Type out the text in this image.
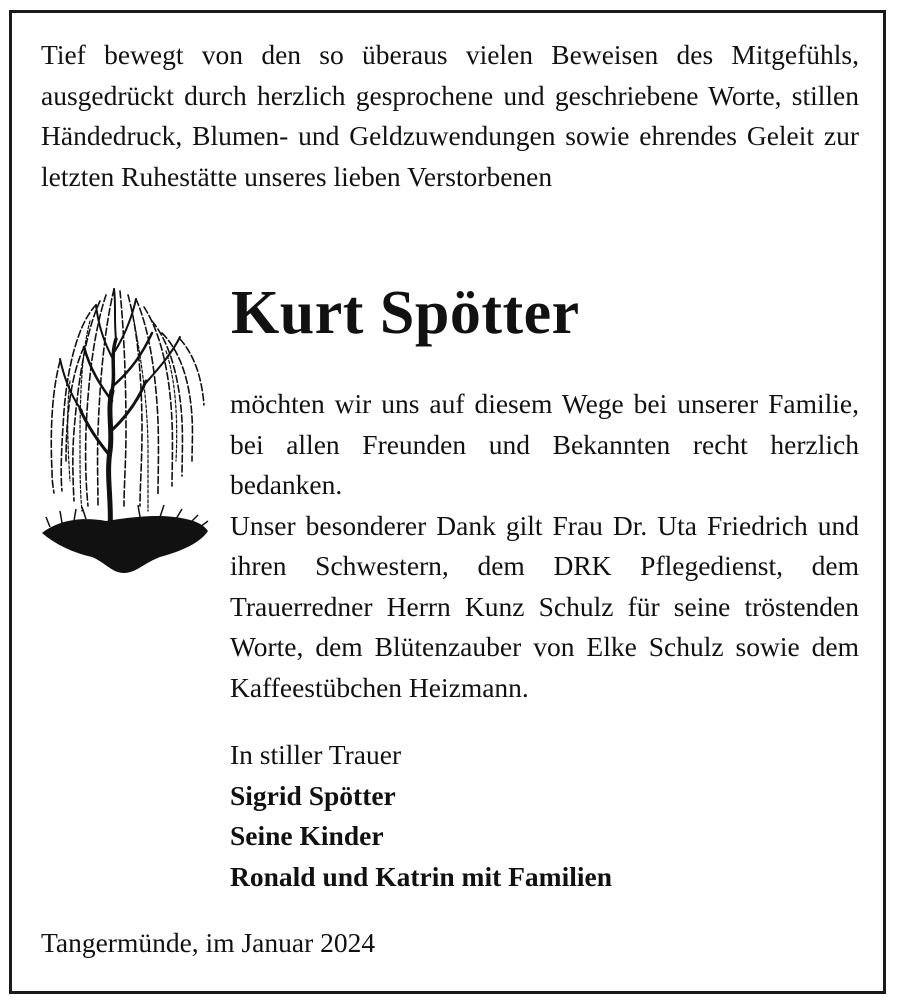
Tief bewegt von den so überaus vielen Beweisen des Mitgefühls, ausgedrückt durch herzlich gesprochene und geschriebene Worte, stillen Händedruck, Blumen- und Geldzuwendungen sowie ehrendes Geleit zur letzten Ruhestätte unseres lieben Verstorbenen

Kurt Spötter

möchten wir uns auf diesem Wege bei unserer Familie, bei allen Freunden und Bekannten recht herzlich bedanken.

Unser besonderer Dank gilt Frau Dr. Uta Friedrich und ihren Schwestern, dem DRK Pflegedienst, dem Trauerredner Herrn Kunz Schulz für seine tröstenden Worte, dem Blütenzauber von Elke Schulz sowie dem Kaffeestübchen Heizmann.

In stiller Trauer
Sigrid Spötter
Seine Kinder
Ronald und Katrin mit Familien
Tangermünde, im Januar 2024
